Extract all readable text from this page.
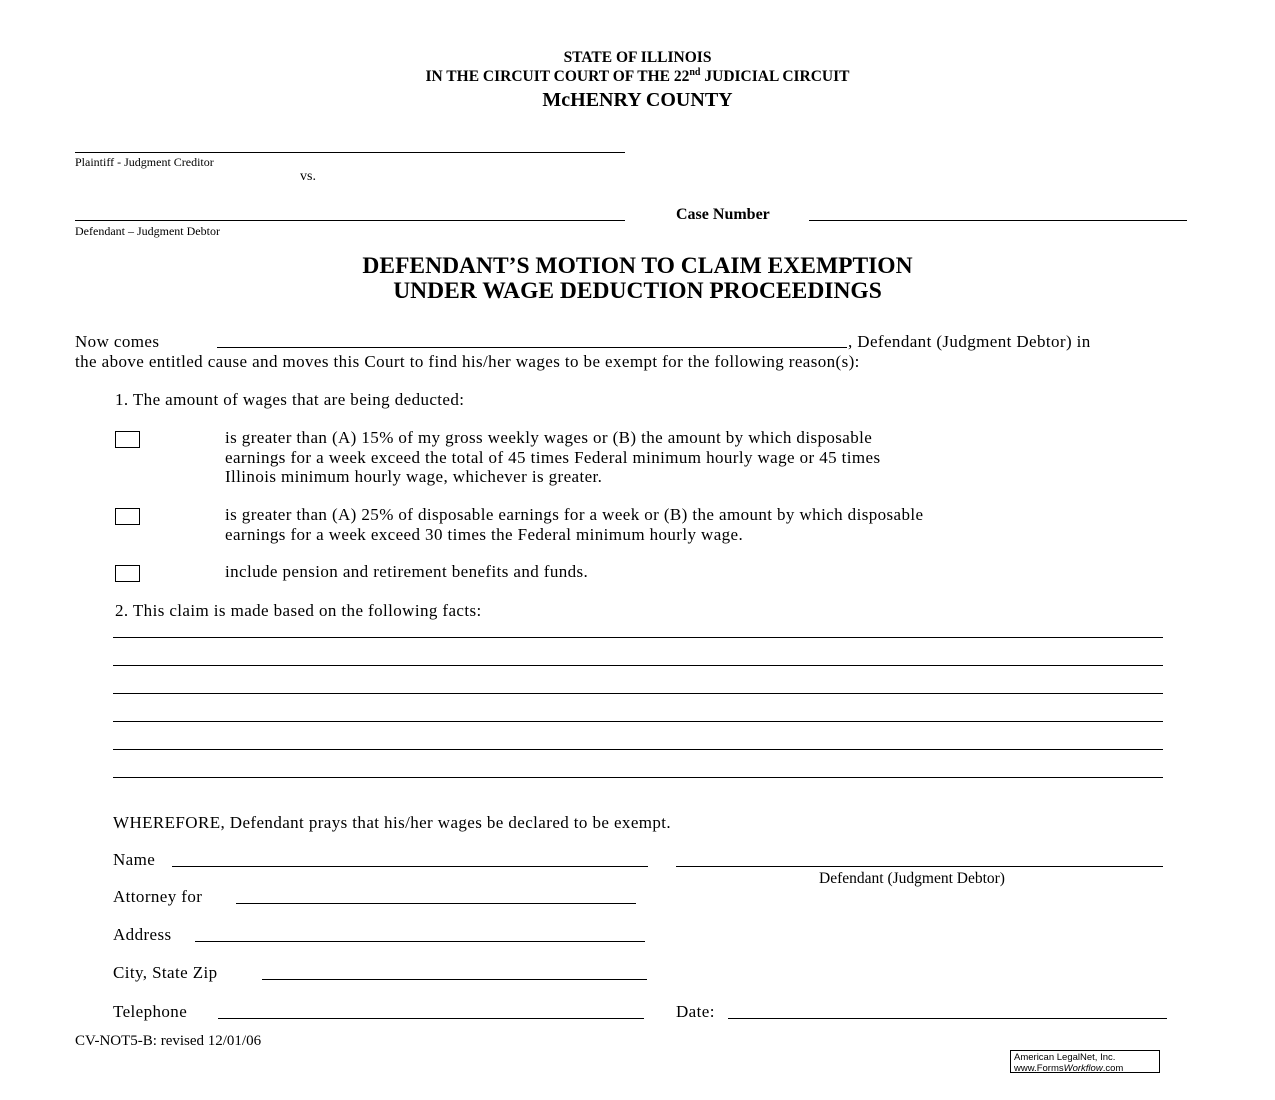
STATE OF ILLINOIS
IN THE CIRCUIT COURT OF THE 22nd JUDICIAL CIRCUIT
McHENRY COUNTY
Plaintiff - Judgment Creditor
vs.
Defendant – Judgment Debtor
Case Number
DEFENDANT’S MOTION TO CLAIM EXEMPTION
UNDER WAGE DEDUCTION PROCEEDINGS
Now comes	, Defendant (Judgment Debtor) in
the above entitled cause and moves this Court to find his/her wages to be exempt for the following reason(s):
1. The amount of wages that are being deducted:
is greater than (A) 15% of my gross weekly wages or (B) the amount by which disposable
earnings for a week exceed the total of 45 times Federal minimum hourly wage or 45 times
Illinois minimum hourly wage, whichever is greater.
is greater than (A) 25% of disposable earnings for a week or (B) the amount by which disposable
earnings for a week exceed 30 times the Federal minimum hourly wage.
include pension and retirement benefits and funds.
2. This claim is made based on the following facts:
WHEREFORE, Defendant prays that his/her wages be declared to be exempt.
Name
Defendant (Judgment Debtor)
Attorney for
Address
City, State Zip
Telephone	Date:
CV-NOT5-B: revised 12/01/06
American LegalNet, Inc.
www.FormsWorkflow.com
